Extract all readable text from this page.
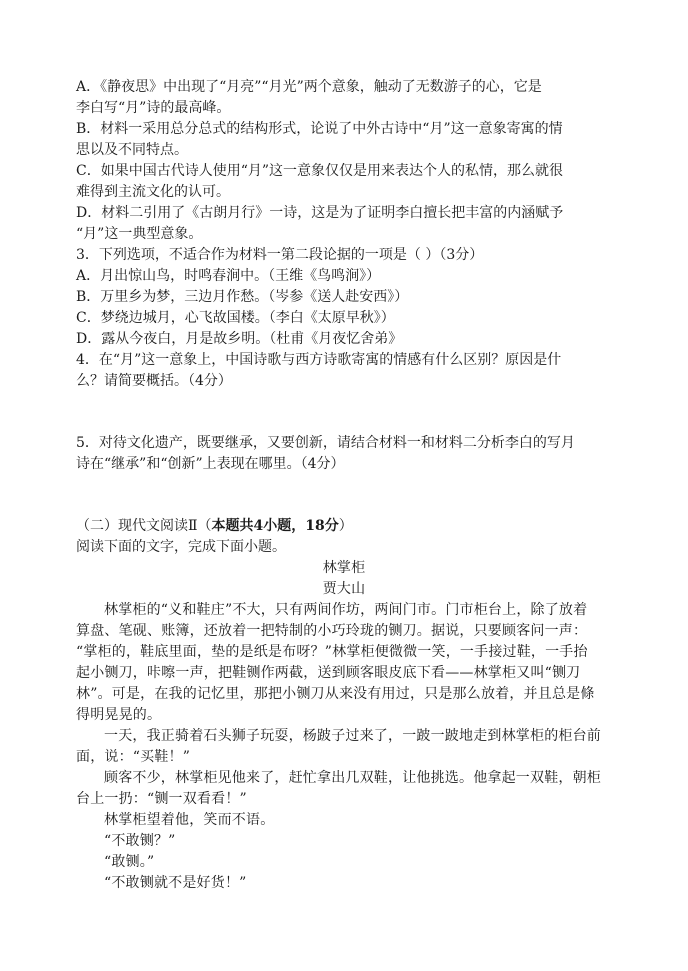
A．《静夜思》中出现了“月亮”“月光”两个意象，触动了无数游子的心，它是
李白写“月”诗的最高峰。
B．材料一采用总分总式的结构形式，论说了中外古诗中“月”这一意象寄寓的情
思以及不同特点。
C．如果中国古代诗人使用“月”这一意象仅仅是用来表达个人的私情，那么就很
难得到主流文化的认可。
D．材料二引用了《古朗月行》一诗，这是为了证明李白擅长把丰富的内涵赋予
“月”这一典型意象。
3．下列选项，不适合作为材料一第二段论据的一项是（ ）（3分）
A．月出惊山鸟，时鸣春涧中。（王维《鸟鸣涧》）
B．万里乡为梦，三边月作愁。（岑参《送人赴安西》）
C．梦绕边城月，心飞故国楼。（李白《太原早秋》）
D．露从今夜白，月是故乡明。（杜甫《月夜忆舍弟》
4．在“月”这一意象上，中国诗歌与西方诗歌寄寓的情感有什么区别？原因是什
么？请简要概括。（4分）
5．对待文化遗产，既要继承，又要创新，请结合材料一和材料二分析李白的写月
诗在“继承”和“创新”上表现在哪里。（4分）
（二）现代文阅读Ⅱ（本题共4小题，18分）
阅读下面的文字，完成下面小题。
林掌柜
贾大山
林掌柜的“义和鞋庄”不大，只有两间作坊，两间门市。门市柜台上，除了放着
算盘、笔砚、账簿，还放着一把特制的小巧玲珑的铡刀。据说，只要顾客问一声：
“掌柜的，鞋底里面，垫的是纸是布呀？”林掌柜便微微一笑，一手接过鞋，一手抬
起小铡刀，咔嚓一声，把鞋铡作两截，送到顾客眼皮底下看——林掌柜又叫“铡刀
林”。可是，在我的记忆里，那把小铡刀从来没有用过，只是那么放着，并且总是條
得明晃晃的。
一天，我正骑着石头狮子玩耍，杨跛子过来了，一跛一跛地走到林掌柜的柜台前
面，说：“买鞋！”
顾客不少，林掌柜见他来了，赶忙拿出几双鞋，让他挑选。他拿起一双鞋，朝柜
台上一扔：“铡一双看看！”
林掌柜望着他，笑而不语。
“不敢铡？”
“敢铡。”
“不敢铡就不是好货！”
